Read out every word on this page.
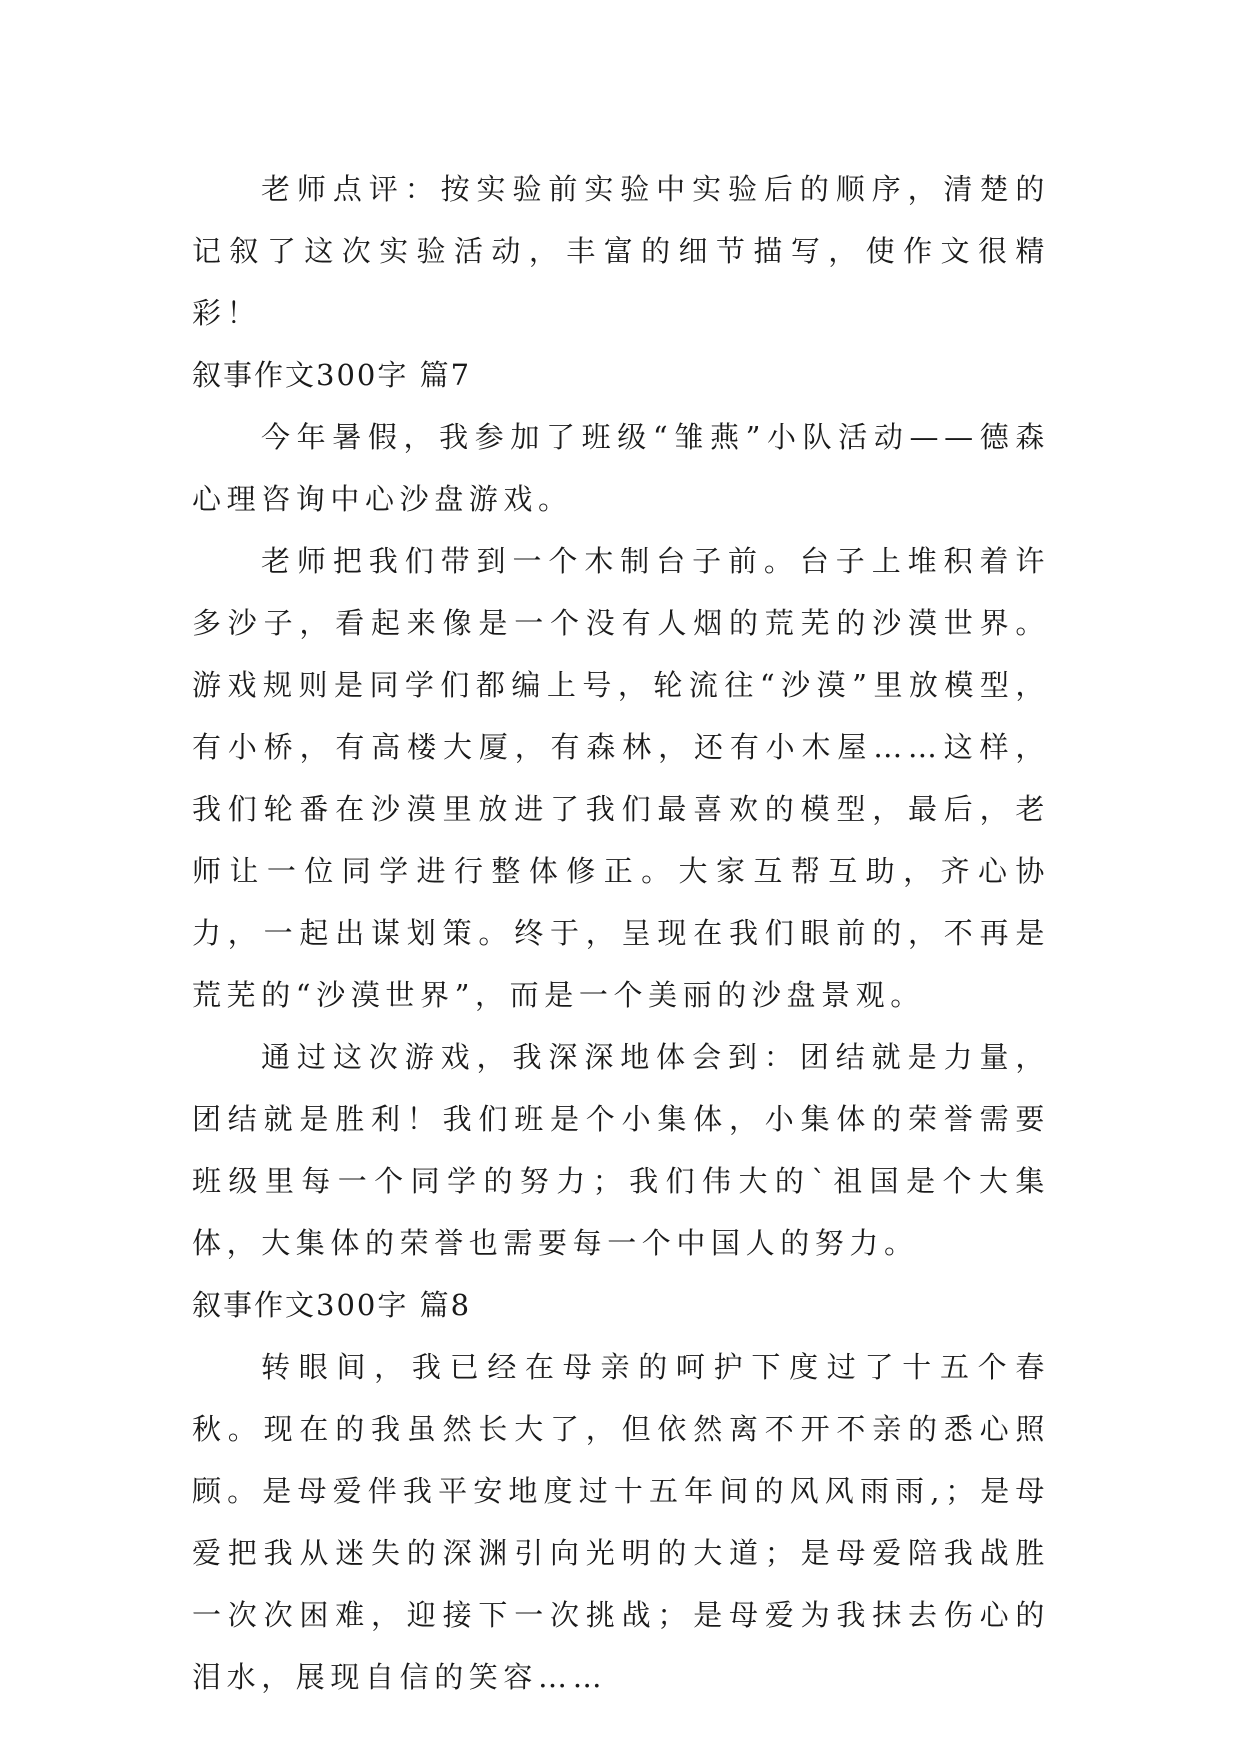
老师点评：按实验前实验中实验后的顺序，清楚的记叙了这次实验活动，丰富的细节描写，使作文很精彩！

叙事作文300字 篇7

今年暑假，我参加了班级“雏燕”小队活动——德森心理咨询中心沙盘游戏。

老师把我们带到一个木制台子前。台子上堆积着许多沙子，看起来像是一个没有人烟的荒芜的沙漠世界。游戏规则是同学们都编上号，轮流往“沙漠”里放模型，有小桥，有高楼大厦，有森林，还有小木屋……这样，我们轮番在沙漠里放进了我们最喜欢的模型，最后，老师让一位同学进行整体修正。大家互帮互助，齐心协力，一起出谋划策。终于，呈现在我们眼前的，不再是荒芜的“沙漠世界”，而是一个美丽的沙盘景观。

通过这次游戏，我深深地体会到：团结就是力量，团结就是胜利！我们班是个小集体，小集体的荣誉需要班级里每一个同学的努力；我们伟大的`祖国是个大集体，大集体的荣誉也需要每一个中国人的努力。

叙事作文300字 篇8

转眼间，我已经在母亲的呵护下度过了十五个春秋。现在的我虽然长大了，但依然离不开不亲的悉心照顾。是母爱伴我平安地度过十五年间的风风雨雨,；是母爱把我从迷失的深渊引向光明的大道；是母爱陪我战胜一次次困难，迎接下一次挑战；是母爱为我抹去伤心的泪水，展现自信的笑容……
